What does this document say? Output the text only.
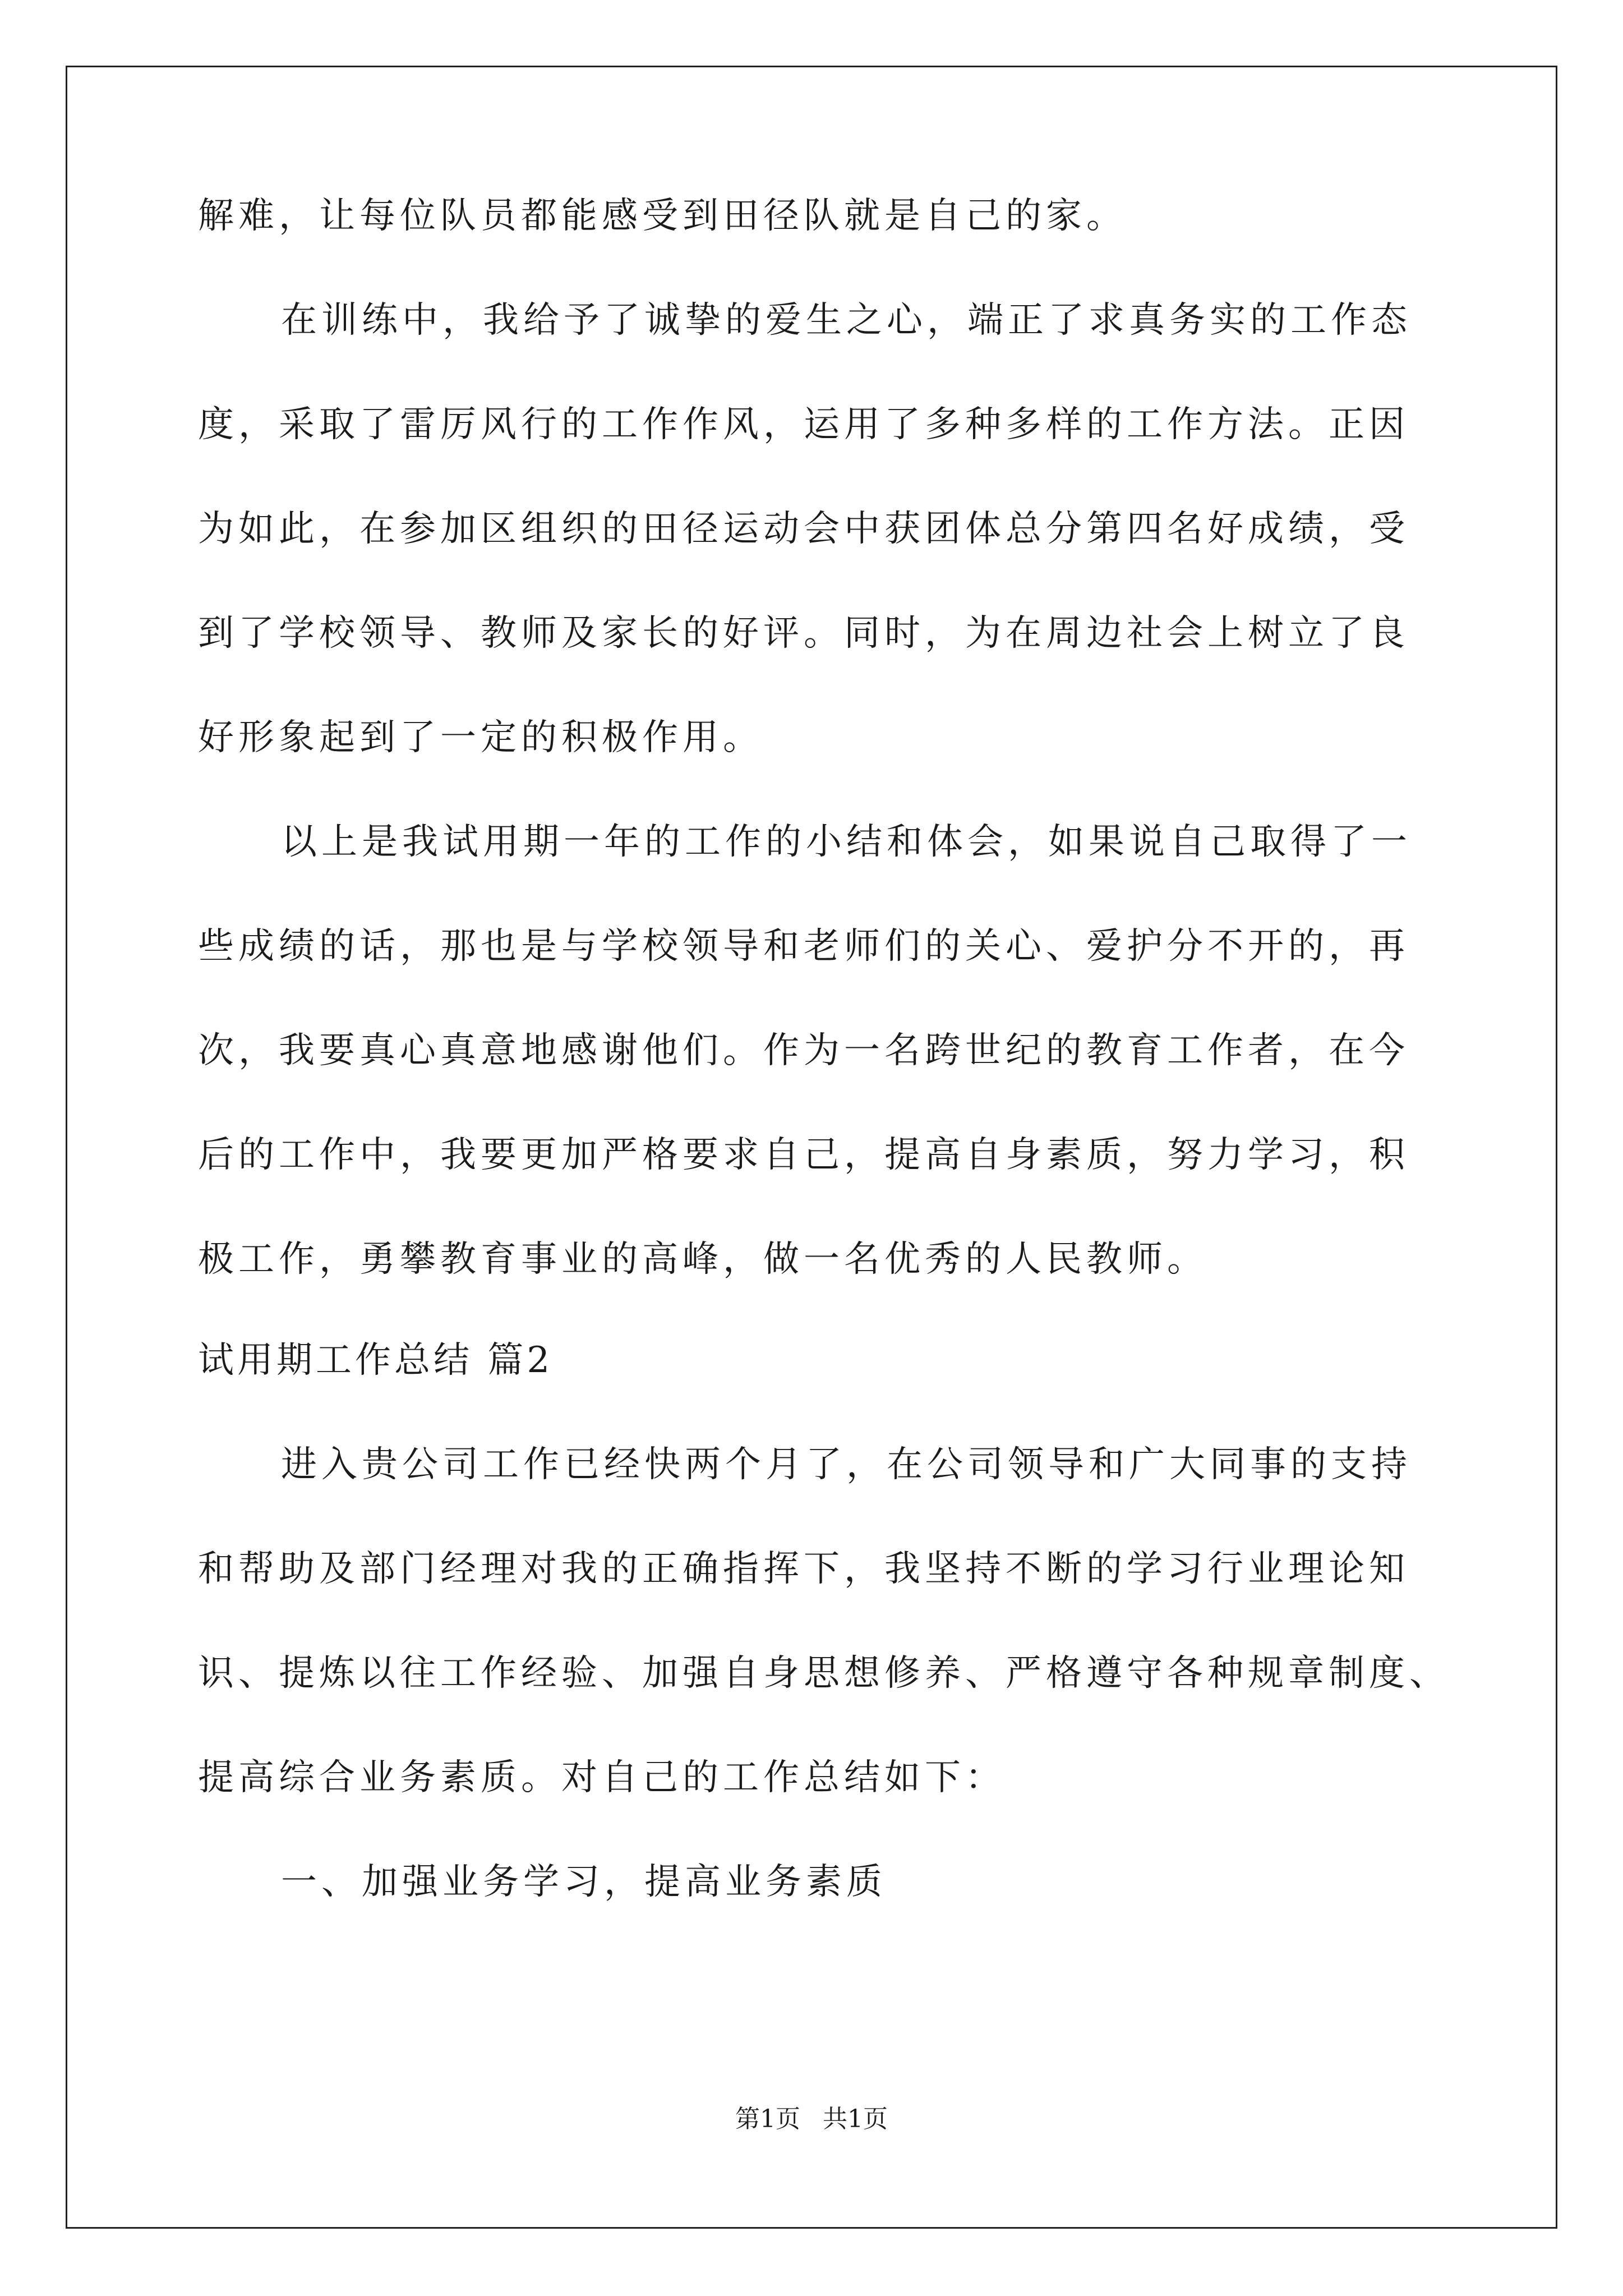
解难，让每位队员都能感受到田径队就是自己的家。
在训练中，我给予了诚挚的爱生之心，端正了求真务实的工作态
度，采取了雷厉风行的工作作风，运用了多种多样的工作方法。正因
为如此，在参加区组织的田径运动会中获团体总分第四名好成绩，受
到了学校领导、教师及家长的好评。同时，为在周边社会上树立了良
好形象起到了一定的积极作用。
以上是我试用期一年的工作的小结和体会，如果说自己取得了一
些成绩的话，那也是与学校领导和老师们的关心、爱护分不开的，再
次，我要真心真意地感谢他们。作为一名跨世纪的教育工作者，在今
后的工作中，我要更加严格要求自己，提高自身素质，努力学习，积
极工作，勇攀教育事业的高峰，做一名优秀的人民教师。
试用期工作总结 篇2
进入贵公司工作已经快两个月了，在公司领导和广大同事的支持
和帮助及部门经理对我的正确指挥下，我坚持不断的学习行业理论知
识、提炼以往工作经验、加强自身思想修养、严格遵守各种规章制度、
提高综合业务素质。对自己的工作总结如下：
一、加强业务学习，提高业务素质
第1页 共1页
